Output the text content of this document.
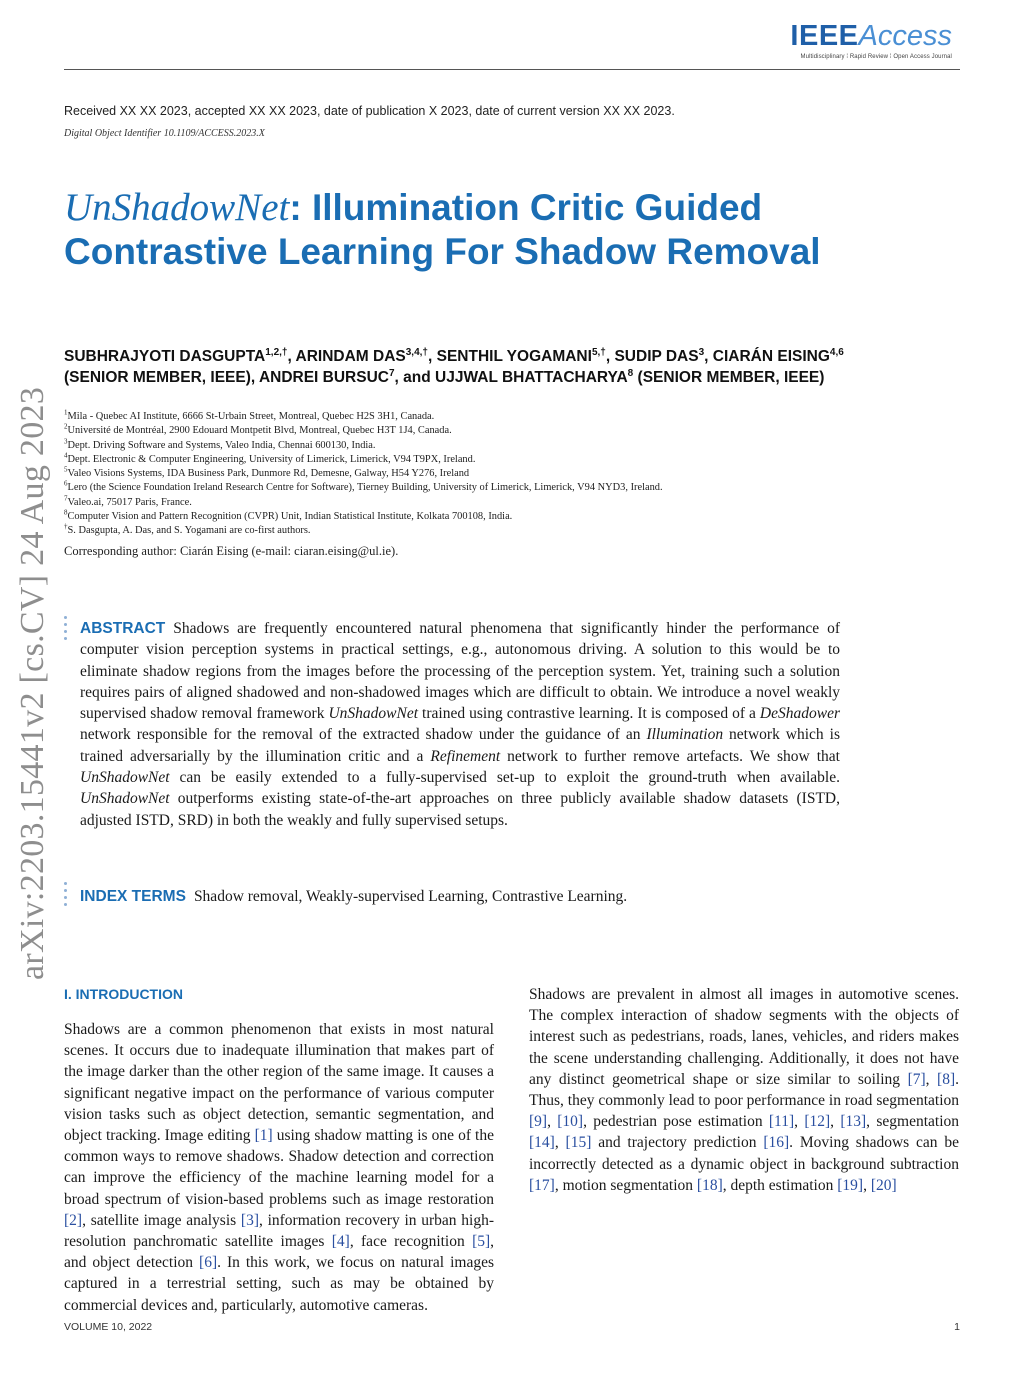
IEEEAccess
Multidisciplinary ⁞ Rapid Review ⁞ Open Access Journal
Received XX XX 2023, accepted XX XX 2023, date of publication X 2023, date of current version XX XX 2023.
Digital Object Identifier 10.1109/ACCESS.2023.X
UnShadowNet: Illumination Critic Guided Contrastive Learning For Shadow Removal
SUBHRAJYOTI $DASGUPTA^{1,2,\dagger}$, ARINDAM $DAS^{3,4,\dagger}$, SENTHIL $YOGAMANI^{5,\dagger}$, SUDIP DAS$^3$, CIARÁN EISING$^{4,6}$ (SENIOR MEMBER, IEEE), ANDREI BURSUC$^7$, and UJJWAL BHATTACHARYA$^8$ (SENIOR MEMBER, IEEE)
$^1$Mila - Quebec AI Institute, 6666 St-Urbain Street, Montreal, Quebec H2S 3H1, Canada.
$^2$Université de Montréal, 2900 Edouard Montpetit Blvd, Montreal, Quebec H3T 1J4, Canada.
$^3$Dept. Driving Software and Systems, Valeo India, Chennai 600130, India.
$^4$Dept. Electronic & Computer Engineering, University of Limerick, Limerick, V94 T9PX, Ireland.
$^5$Valeo Visions Systems, IDA Business Park, Dunmore Rd, Demesne, Galway, H54 Y276, Ireland
$^6$Lero (the Science Foundation Ireland Research Centre for Software), Tierney Building, University of Limerick, Limerick, V94 NYD3, Ireland.
$^7$Valeo.ai, 75017 Paris, France.
$^8$Computer Vision and Pattern Recognition (CVPR) Unit, Indian Statistical Institute, Kolkata 700108, India.
†S. Dasgupta, A. Das, and S. Yogamani are co-first authors.
Corresponding author: Ciarán Eising (e-mail: ciaran.eising@ul.ie).
arXiv:2203.15441v2 [cs.CV] 24 Aug 2023 ABSTRACT Shadows are frequently encountered natural phenomena that significantly hinder the performance of computer vision perception systems in practical settings, e.g., autonomous driving. A solution to this would be to eliminate shadow regions from the images before the processing of the perception system. Yet, training such a solution requires pairs of aligned shadowed and non-shadowed images which are difficult to obtain. We introduce a novel weakly supervised shadow removal framework UnShadowNet trained using contrastive learning. It is composed of a DeShadower network responsible for the removal of the extracted shadow under the guidance of an Illumination network which is trained adversarially by the illumination critic and a Refinement network to further remove artefacts. We show that UnShadowNet can be easily extended to a fully-supervised set-up to exploit the ground-truth when available. UnShadowNet outperforms existing state-of-the-art approaches on three publicly available shadow datasets (ISTD, adjusted ISTD, SRD) in both the weakly and fully supervised setups.
INDEX TERMS Shadow removal, Weakly-supervised Learning, Contrastive Learning.
I. INTRODUCTION
Shadows are a common phenomenon that exists in most natural scenes. It occurs due to inadequate illumination that makes part of the image darker than the other region of the same image. It causes a significant negative impact on the performance of various computer vision tasks such as object detection, semantic segmentation, and object tracking. Image editing [1] using shadow matting is one of the common ways to remove shadows. Shadow detection and correction can improve the efficiency of the machine learning model for a broad spectrum of vision-based problems such as image restoration [2], satellite image analysis [3], information recovery in urban high-resolution panchromatic satellite images [4], face recognition [5], and object detection [6]. In this work, we focus on natural images captured in a terrestrial setting, such as may be obtained by commercial devices and, particularly, automotive cameras.
Shadows are prevalent in almost all images in automotive scenes. The complex interaction of shadow segments with the objects of interest such as pedestrians, roads, lanes, vehicles, and riders makes the scene understanding challenging. Additionally, it does not have any distinct geometrical shape or size similar to soiling [7], [8]. Thus, they commonly lead to poor performance in road segmentation [9], [10], pedestrian pose estimation [11], [12], [13], segmentation [14], [15] and trajectory prediction [16]. Moving shadows can be incorrectly detected as a dynamic object in background subtraction [17], motion segmentation [18], depth estimation [19], [20]
VOLUME 10, 2022	1
